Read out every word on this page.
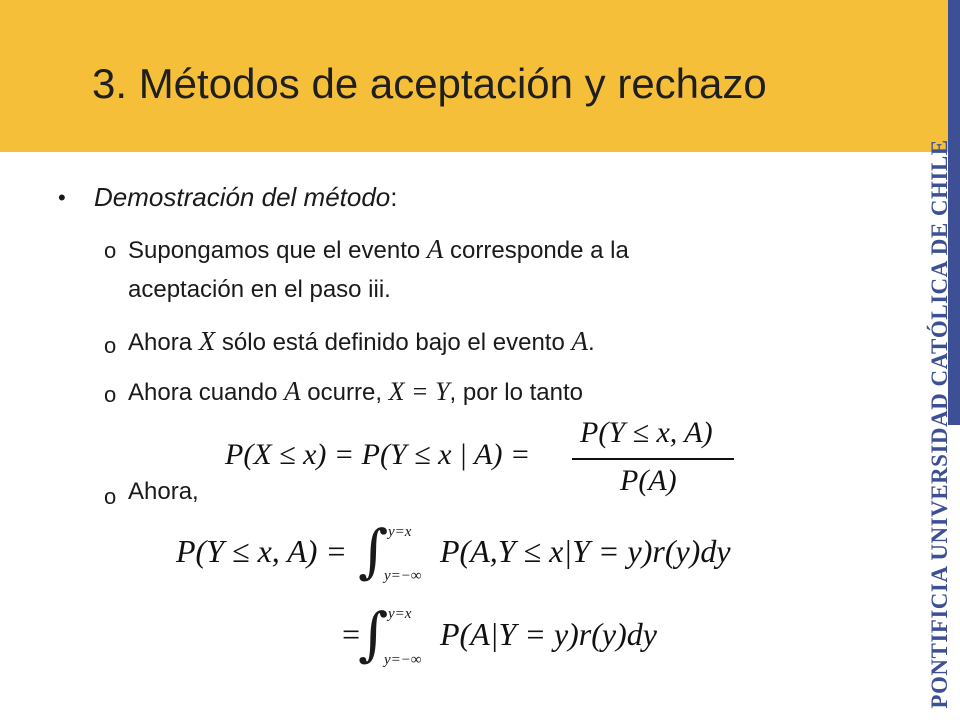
3. Métodos de aceptación y rechazo
PONTIFICIA UNIVERSIDAD CATÓLICA DE CHILE
• Demostración del método:
o Supongamos que el evento A corresponde a la
aceptación en el paso iii.
o Ahora X sólo está definido bajo el evento A.
o Ahora cuando A ocurre, X = Y, por lo tanto
P(X ≤ x) = P(Y ≤ x | A) =
P(Y ≤ x, A)
P(A)
o Ahora,
P(Y ≤ x, A) = ∫ y=x
y=−∞
P(A,Y ≤ x|Y = y)r(y)dy
=
∫ y=x
y=−∞
P(A|Y = y)r(y)dy
